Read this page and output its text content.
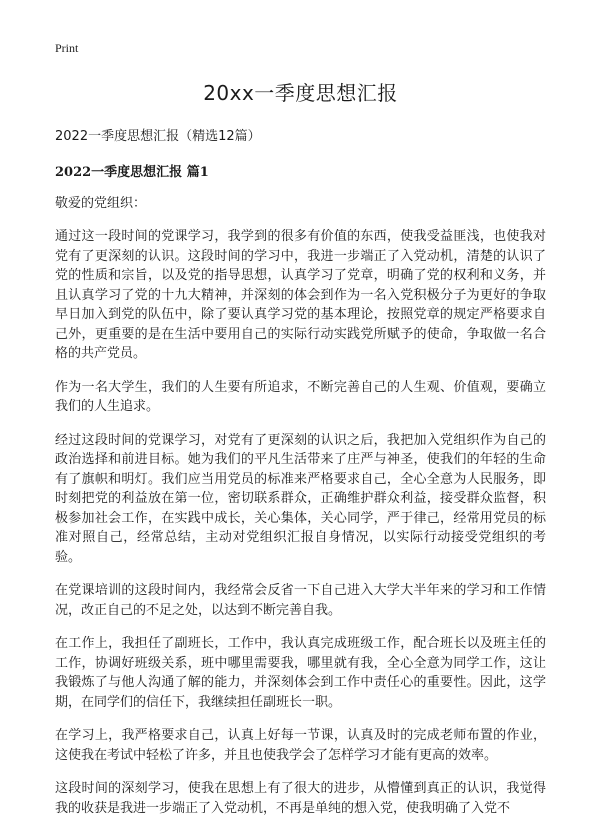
Print

20xx一季度思想汇报

2022一季度思想汇报（精选12篇）

2022一季度思想汇报 篇1

敬爱的党组织：

通过这一段时间的党课学习，我学到的很多有价值的东西，使我受益匪浅，也使我对党有了更深刻的认识。这段时间的学习中，我进一步端正了入党动机，清楚的认识了党的性质和宗旨，以及党的指导思想，认真学习了党章，明确了党的权利和义务，并且认真学习了党的十九大精神，并深刻的体会到作为一名入党积极分子为更好的争取早日加入到党的队伍中，除了要认真学习党的基本理论，按照党章的规定严格要求自己外，更重要的是在生活中要用自己的实际行动实践党所赋予的使命，争取做一名合格的共产党员。

作为一名大学生，我们的人生要有所追求，不断完善自己的人生观、价值观，要确立我们的人生追求。

经过这段时间的党课学习，对党有了更深刻的认识之后，我把加入党组织作为自己的政治选择和前进目标。她为我们的平凡生活带来了庄严与神圣，使我们的年轻的生命有了旗帜和明灯。我们应当用党员的标准来严格要求自己，全心全意为人民服务，即时刻把党的利益放在第一位，密切联系群众，正确维护群众利益，接受群众监督，积极参加社会工作，在实践中成长，关心集体，关心同学，严于律己，经常用党员的标准对照自己，经常总结，主动对党组织汇报自身情况，以实际行动接受党组织的考验。

在党课培训的这段时间内，我经常会反省一下自己进入大学大半年来的学习和工作情况，改正自己的不足之处，以达到不断完善自我。

在工作上，我担任了副班长，工作中，我认真完成班级工作，配合班长以及班主任的工作，协调好班级关系，班中哪里需要我，哪里就有我，全心全意为同学工作，这让我锻炼了与他人沟通了解的能力，并深刻体会到工作中责任心的重要性。因此，这学期，在同学们的信任下，我继续担任副班长一职。

在学习上，我严格要求自己，认真上好每一节课，认真及时的完成老师布置的作业，这使我在考试中轻松了许多，并且也使我学会了怎样学习才能有更高的效率。

这段时间的深刻学习，使我在思想上有了很大的进步，从懵懂到真正的认识，我觉得我的收获是我进一步端正了入党动机，不再是单纯的想入党，使我明确了入党不
